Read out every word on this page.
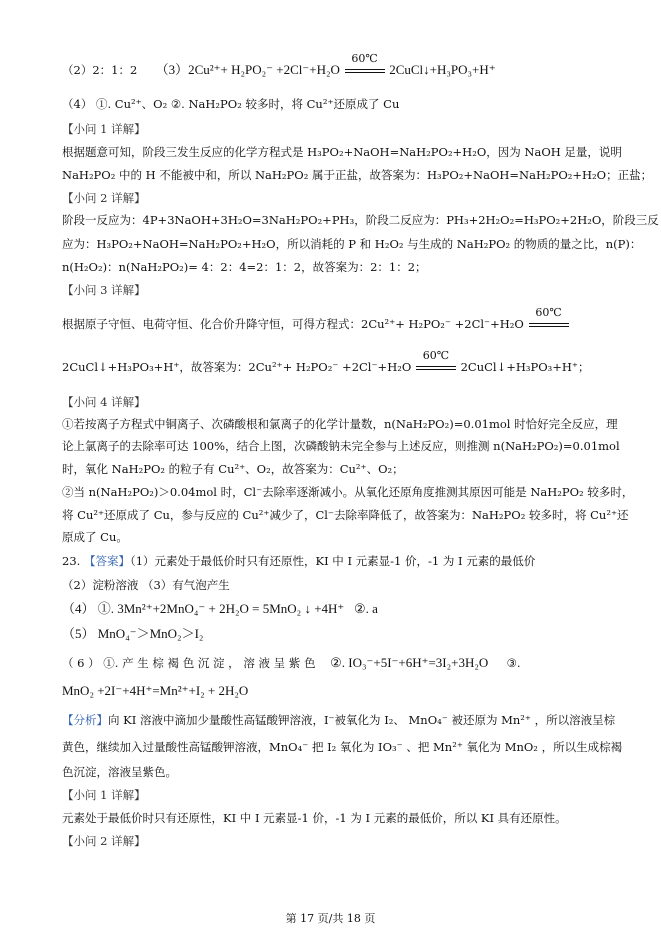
（2）2：1：2 （3）2Cu²⁺+ H₂PO₂⁻ +2Cl⁻+H₂O
60℃
2CuCl↓+H₃PO₃+H⁺
（4） ①. Cu²⁺、O₂ ②. NaH₂PO₂ 较多时，将 Cu²⁺还原成了 Cu
【小问 1 详解】
根据题意可知，阶段三发生反应的化学方程式是 H₃PO₂+NaOH=NaH₂PO₂+H₂O，因为 NaOH 足量，说明
NaH₂PO₂ 中的 H 不能被中和，所以 NaH₂PO₂ 属于正盐，故答案为：H₃PO₂+NaOH=NaH₂PO₂+H₂O；正盐；
【小问 2 详解】
阶段一反应为：4P+3NaOH+3H₂O=3NaH₂PO₂+PH₃，阶段二反应为：PH₃+2H₂O₂=H₃PO₂+2H₂O，阶段三反
应为：H₃PO₂+NaOH=NaH₂PO₂+H₂O，所以消耗的 P 和 H₂O₂ 与生成的 NaH₂PO₂ 的物质的量之比，n(P)：
n(H₂O₂)：n(NaH₂PO₂)= 4：2：4=2：1：2，故答案为：2：1：2；
【小问 3 详解】
根据原子守恒、电荷守恒、化合价升降守恒，可得方程式：2Cu²⁺+ H₂PO₂⁻ +2Cl⁻+H₂O
60℃
2CuCl↓+H₃PO₃+H⁺，故答案为：2Cu²⁺+ H₂PO₂⁻ +2Cl⁻+H₂O
60℃
2CuCl↓+H₃PO₃+H⁺；
【小问 4 详解】
①若按离子方程式中铜离子、次磷酸根和氯离子的化学计量数，n(NaH₂PO₂)=0.01mol 时恰好完全反应，理
论上氯离子的去除率可达 100%，结合上图，次磷酸钠未完全参与上述反应，则推测 n(NaH₂PO₂)=0.01mol
时，氧化 NaH₂PO₂ 的粒子有 Cu²⁺、O₂，故答案为：Cu²⁺、O₂；
②当 n(NaH₂PO₂)＞0.04mol 时，Cl⁻去除率逐渐减小。从氧化还原角度推测其原因可能是 NaH₂PO₂ 较多时，
将 Cu²⁺还原成了 Cu，参与反应的 Cu²⁺减少了，Cl⁻去除率降低了，故答案为：NaH₂PO₂ 较多时，将 Cu²⁺还
原成了 Cu。
23. 【答案】（1）元素处于最低价时只有还原性，KI 中 I 元素显-1 价，-1 为 I 元素的最低价
（2）淀粉溶液 （3）有气泡产生
（4） ①. 3Mn²⁺+2MnO₄⁻ + 2H₂O = 5MnO₂ ↓ +4H⁺ ②. a
（5） MnO₄⁻＞MnO₂＞I₂
（ 6 ） ①. 产 生 棕 褐 色 沉 淀 ， 溶 液 呈 紫 色 ②. IO₃⁻+5I⁻+6H⁺=3I₂+3H₂O ③.
MnO₂ +2I⁻+4H⁺=Mn²⁺+I₂ + 2H₂O
【分析】向 KI 溶液中滴加少量酸性高锰酸钾溶液，I⁻被氧化为 I₂、 MnO₄⁻ 被还原为 Mn²⁺ ，所以溶液呈棕
黄色，继续加入过量酸性高锰酸钾溶液，MnO₄⁻ 把 I₂ 氧化为 IO₃⁻ 、把 Mn²⁺ 氧化为 MnO₂ ，所以生成棕褐
色沉淀，溶液呈紫色。
【小问 1 详解】
元素处于最低价时只有还原性，KI 中 I 元素显-1 价，-1 为 I 元素的最低价，所以 KI 具有还原性。
【小问 2 详解】
第 17 页/共 18 页
